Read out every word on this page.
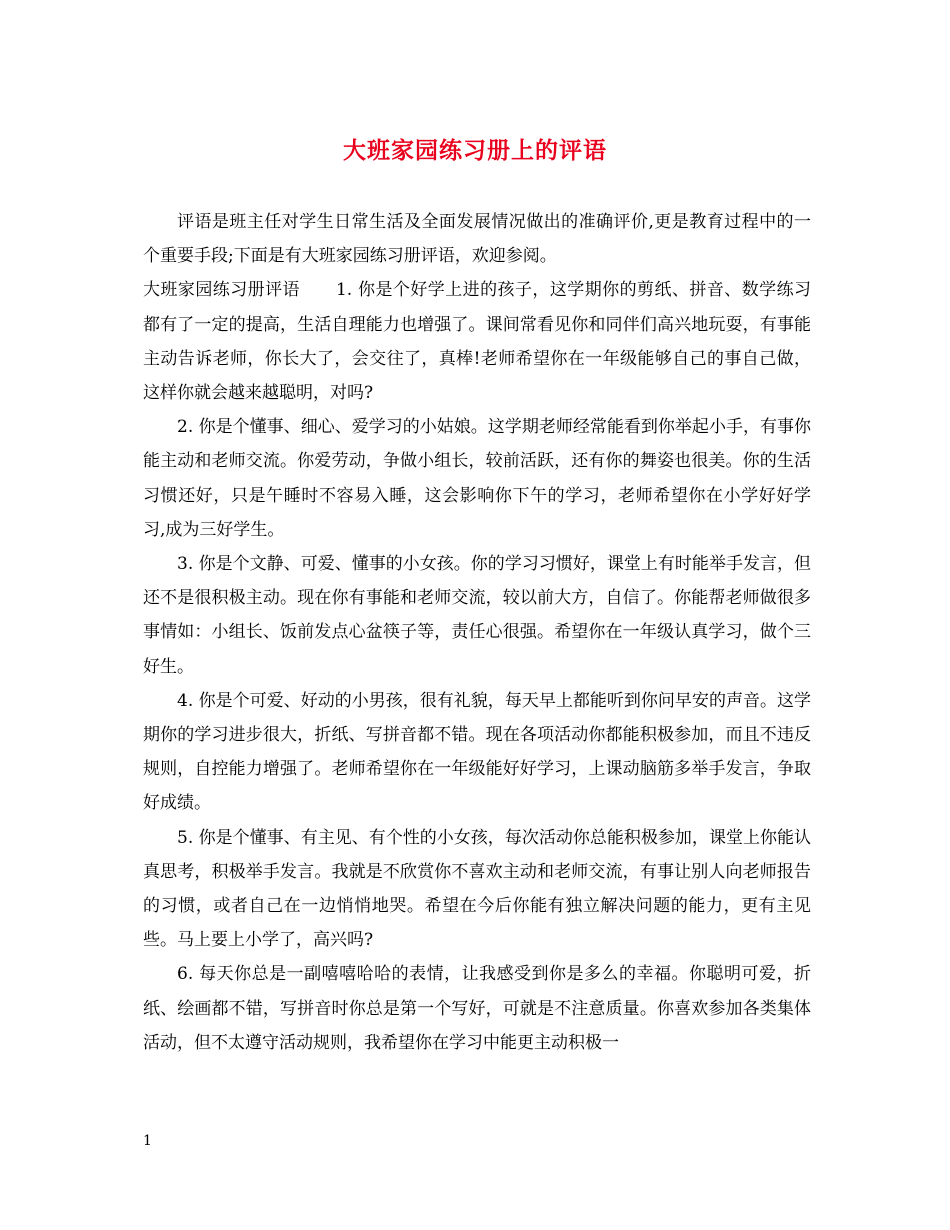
大班家园练习册上的评语

评语是班主任对学生日常生活及全面发展情况做出的准确评价,更是教育过程中的一个重要手段;下面是有大班家园练习册评语，欢迎参阅。

大班家园练习册评语 1. 你是个好学上进的孩子，这学期你的剪纸、拼音、数学练习都有了一定的提高，生活自理能力也增强了。课间常看见你和同伴们高兴地玩耍，有事能主动告诉老师，你长大了，会交往了，真棒!老师希望你在一年级能够自己的事自己做，这样你就会越来越聪明，对吗?

2. 你是个懂事、细心、爱学习的小姑娘。这学期老师经常能看到你举起小手，有事你能主动和老师交流。你爱劳动，争做小组长，较前活跃，还有你的舞姿也很美。你的生活习惯还好，只是午睡时不容易入睡，这会影响你下午的学习，老师希望你在小学好好学习,成为三好学生。

3. 你是个文静、可爱、懂事的小女孩。你的学习习惯好，课堂上有时能举手发言，但还不是很积极主动。现在你有事能和老师交流，较以前大方，自信了。你能帮老师做很多事情如：小组长、饭前发点心盆筷子等，责任心很强。希望你在一年级认真学习，做个三好生。

4. 你是个可爱、好动的小男孩，很有礼貌，每天早上都能听到你问早安的声音。这学期你的学习进步很大，折纸、写拼音都不错。现在各项活动你都能积极参加，而且不违反规则，自控能力增强了。老师希望你在一年级能好好学习，上课动脑筋多举手发言，争取好成绩。

5. 你是个懂事、有主见、有个性的小女孩，每次活动你总能积极参加，课堂上你能认真思考，积极举手发言。我就是不欣赏你不喜欢主动和老师交流，有事让别人向老师报告的习惯，或者自己在一边悄悄地哭。希望在今后你能有独立解决问题的能力，更有主见些。马上要上小学了，高兴吗?

6. 每天你总是一副嘻嘻哈哈的表情，让我感受到你是多么的幸福。你聪明可爱，折纸、绘画都不错，写拼音时你总是第一个写好，可就是不注意质量。你喜欢参加各类集体活动，但不太遵守活动规则，我希望你在学习中能更主动积极一

1
